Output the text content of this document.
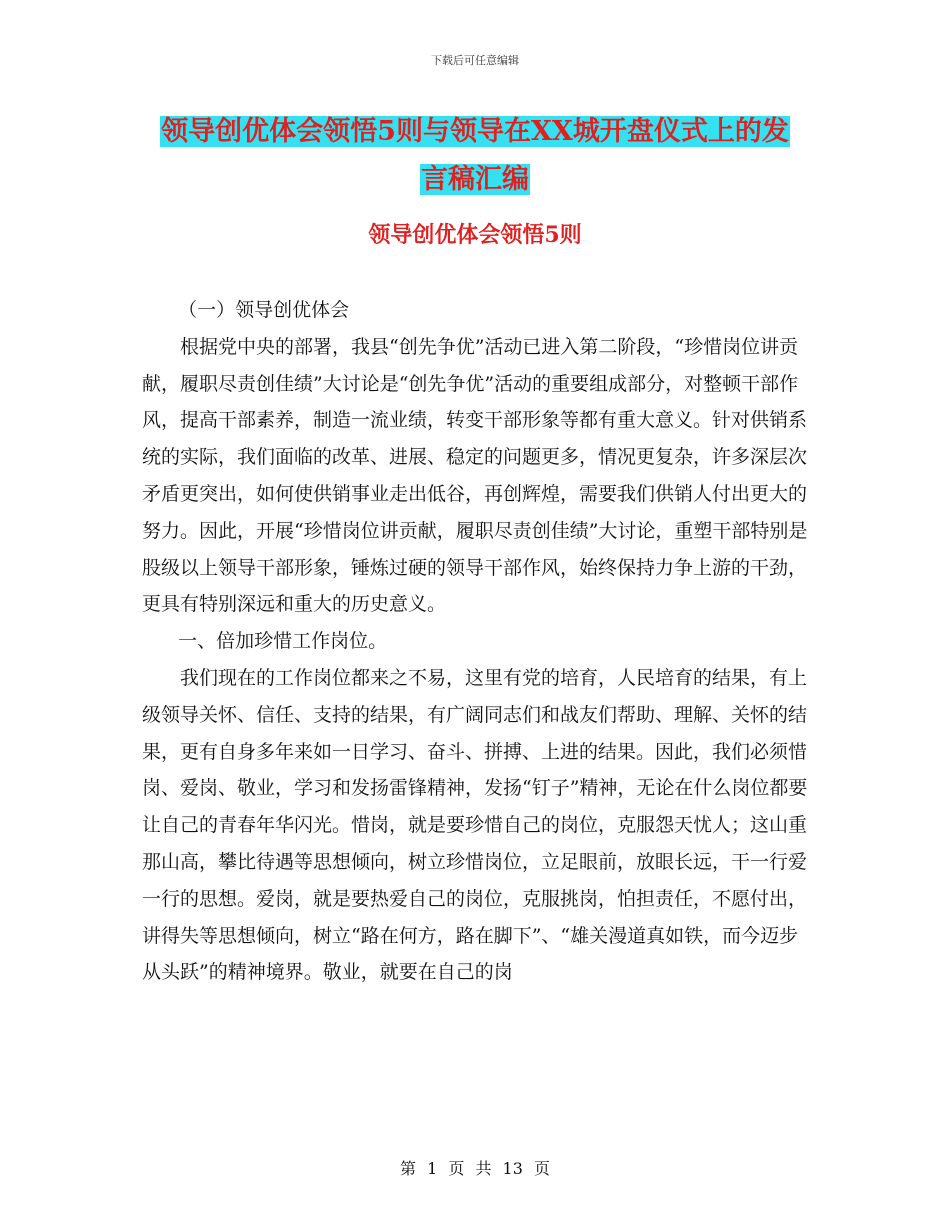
下载后可任意编辑
领导创优体会领悟5则与领导在XX城开盘仪式上的发
言稿汇编
领导创优体会领悟5则

（一）领导创优体会

根据党中央的部署，我县“创先争优”活动已进入第二阶段，“珍惜岗位讲贡献，履职尽责创佳绩”大讨论是“创先争优”活动的重要组成部分，对整顿干部作风，提高干部素养，制造一流业绩，转变干部形象等都有重大意义。针对供销系统的实际，我们面临的改革、进展、稳定的问题更多，情况更复杂，许多深层次矛盾更突出，如何使供销事业走出低谷，再创辉煌，需要我们供销人付出更大的努力。因此，开展“珍惜岗位讲贡献，履职尽责创佳绩”大讨论，重塑干部特别是股级以上领导干部形象，锤炼过硬的领导干部作风，始终保持力争上游的干劲，更具有特别深远和重大的历史意义。

一、倍加珍惜工作岗位。

我们现在的工作岗位都来之不易，这里有党的培育，人民培育的结果，有上级领导关怀、信任、支持的结果，有广阔同志们和战友们帮助、理解、关怀的结果，更有自身多年来如一日学习、奋斗、拼搏、上进的结果。因此，我们必须惜岗、爱岗、敬业，学习和发扬雷锋精神，发扬“钉子”精神，无论在什么岗位都要让自己的青春年华闪光。惜岗，就是要珍惜自己的岗位，克服怨天忧人；这山重那山高，攀比待遇等思想倾向，树立珍惜岗位，立足眼前，放眼长远，干一行爱一行的思想。爱岗，就是要热爱自己的岗位，克服挑岗，怕担责任，不愿付出，讲得失等思想倾向，树立“路在何方，路在脚下”、“雄关漫道真如铁，而今迈步从头跃”的精神境界。敬业，就要在自己的岗

第 1 页 共 13 页
